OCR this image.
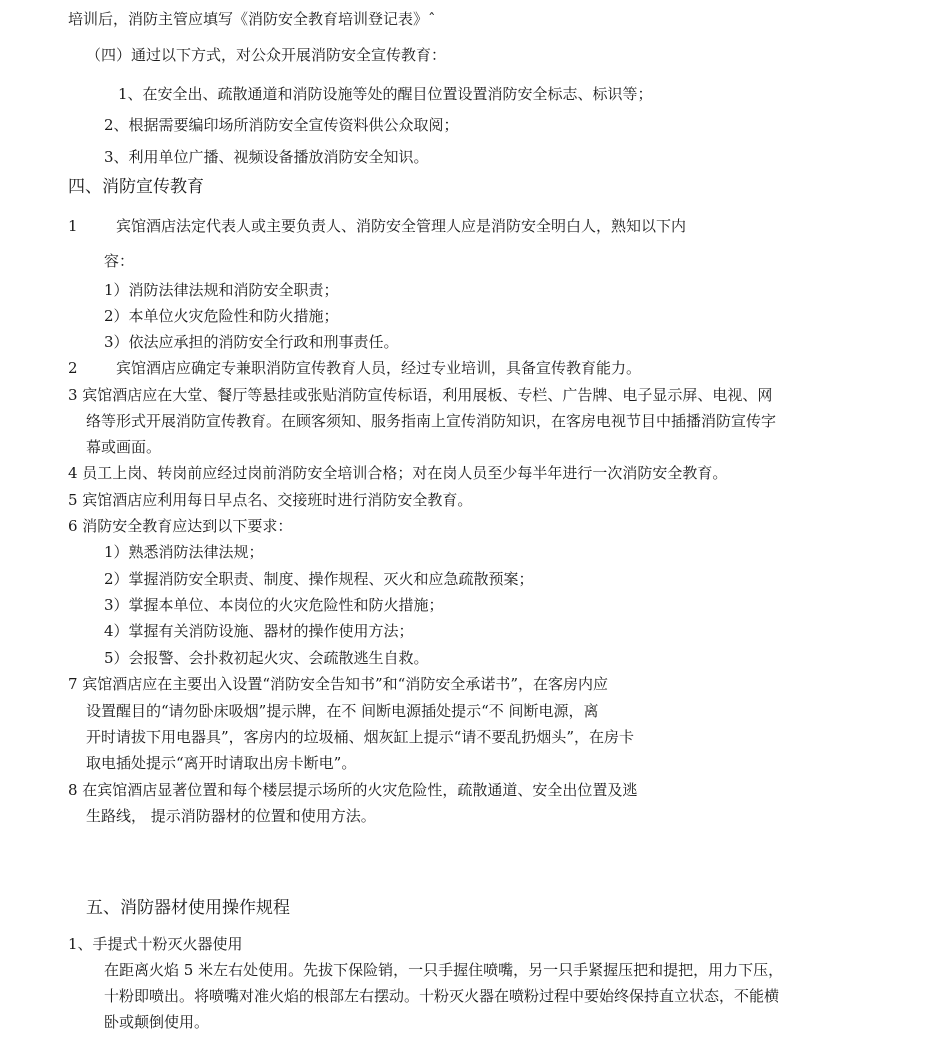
培训后，消防主管应填写《消防安全教育培训登记表》ˆ
（四）通过以下方式，对公众开展消防安全宣传教育：
1、在安全出、疏散通道和消防设施等处的醒目位置设置消防安全标志、标识等；
2、根据需要编印场所消防安全宣传资料供公众取阅；
3、利用单位广播、视频设备播放消防安全知识。
四、消防宣传教育
1	宾馆酒店法定代表人或主要负责人、消防安全管理人应是消防安全明白人，熟知以下内
容：
1）消防法律法规和消防安全职责；
2）本单位火灾危险性和防火措施；
3）依法应承担的消防安全行政和刑事责任。
2	宾馆酒店应确定专兼职消防宣传教育人员，经过专业培训，具备宣传教育能力。
3 宾馆酒店应在大堂、餐厅等悬挂或张贴消防宣传标语，利用展板、专栏、广告牌、电子显示屏、电视、网
络等形式开展消防宣传教育。在顾客须知、服务指南上宣传消防知识，在客房电视节目中插播消防宣传字
幕或画面。
4 员工上岗、转岗前应经过岗前消防安全培训合格；对在岗人员至少每半年进行一次消防安全教育。
5 宾馆酒店应利用每日早点名、交接班时进行消防安全教育。
6 消防安全教育应达到以下要求：
1）熟悉消防法律法规；
2）掌握消防安全职责、制度、操作规程、灭火和应急疏散预案；
3）掌握本单位、本岗位的火灾危险性和防火措施；
4）掌握有关消防设施、器材的操作使用方法；
5）会报警、会扑救初起火灾、会疏散逃生自救。
7 宾馆酒店应在主要出入设置“消防安全告知书”和“消防安全承诺书”，在客房内应
设置醒目的“请勿卧床吸烟”提示牌，在不 间断电源插处提示“不 间断电源，离
开时请拔下用电器具”，客房内的垃圾桶、烟灰缸上提示“请不要乱扔烟头”，在房卡
取电插处提示“离开时请取出房卡断电”。
8 在宾馆酒店显著位置和每个楼层提示场所的火灾危险性，疏散通道、安全出位置及逃
生路线， 提示消防器材的位置和使用方法。
五、消防器材使用操作规程
1、手提式十粉灭火器使用
在距离火焰 5 米左右处使用。先拔下保险销，一只手握住喷嘴，另一只手紧握压把和提把，用力下压，
十粉即喷出。将喷嘴对准火焰的根部左右摆动。十粉灭火器在喷粉过程中要始终保持直立状态，不能横
卧或颠倒使用。
